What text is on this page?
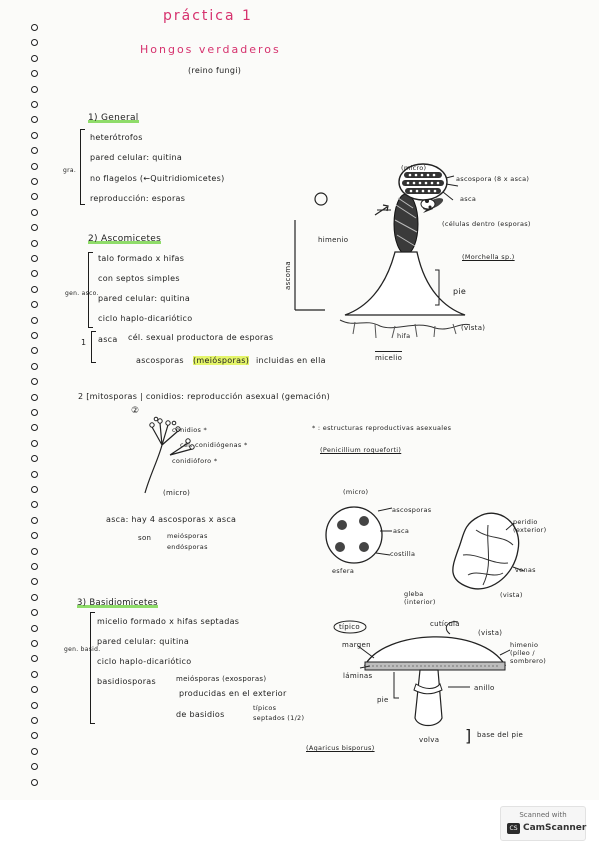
práctica 1
Hongos verdaderos
(reino fungi)
1) General
gra.
heterótrofos
pared celular: quitina
no flagelos (←Quitridiomicetes)
reproducción: esporas
2) Ascomicetes
gen. asco.
talo formado x hifas
con septos simples
pared celular: quitina
ciclo haplo-dicariótico
1 asca cél. sexual productora de esporas
ascosporas (meiósporas) incluidas en ella
(micro)
ascospora (8 x asca)
asca
(células dentro (esporas)
himenio
ascoma
pie
hifa
micelio
(vista)
(Morchella sp.)
2 [mitosporas | conidios: reproducción asexual (gemación)
②
conidios *
cél. conidiógenas *
conidióforo *
* : estructuras reproductivas asexuales
(Penicillium roqueforti)
(micro)
asca: hay 4 ascosporas x asca
son meiósporas
endósporas
(micro)
ascosporas
asca
costilla
esfera
peridio (exterior)
venas
gleba (interior)
(vista)
3) Basidiomicetes
gen. basid.
micelio formado x hifas septadas
pared celular: quitina
ciclo haplo-dicariótico
basidiosporas	meiósporas (exosporas)
producidas en el exterior
de basidios
típicos
septados (1/2)
típico	cutícula
(vista)
margen	himenio (píleo / sombrero)
láminas
anillo
pie
volva ] base del pie
(Agaricus bisporus)
Scanned with
CS CamScanner
